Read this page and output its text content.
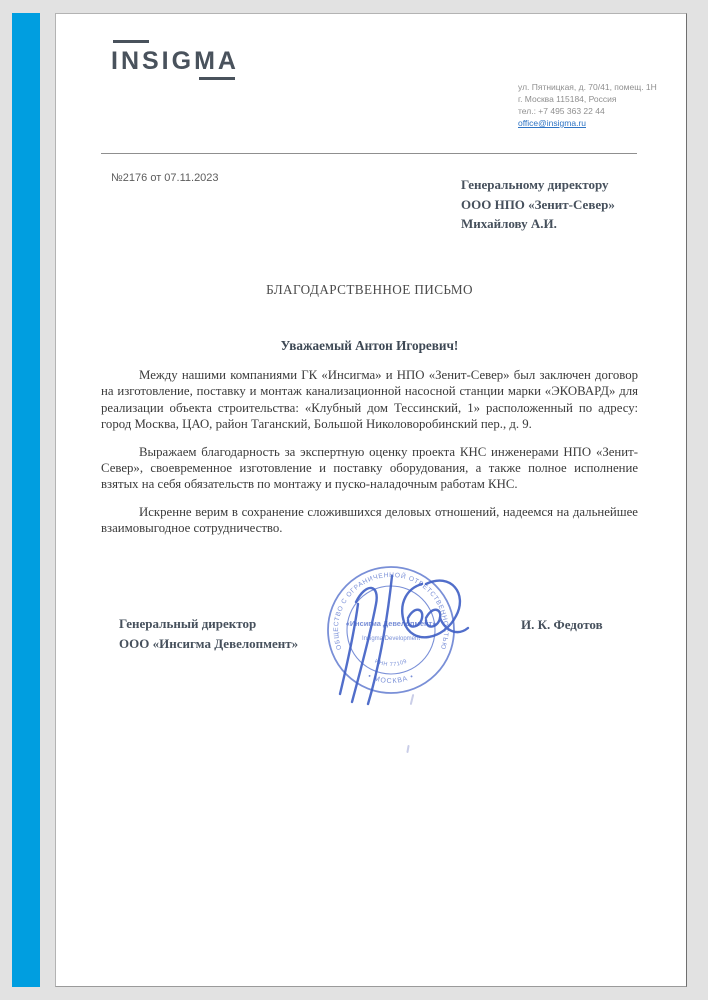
INSIGMA
ул. Пятницкая, д. 70/41, помещ. 1Н
г. Москва 115184, Россия
тел.: +7 495 363 22 44
office@insigma.ru
№2176 от 07.11.2023	Генеральному директору
ООО НПО «Зенит-Север»
Михайлову А.И.
БЛАГОДАРСТВЕННОЕ ПИСЬМО
Уважаемый Антон Игоревич!

Между нашими компаниями ГК «Инсигма» и НПО «Зенит-Север» был заключен договор на изготовление, поставку и монтаж канализационной насосной станции марки «ЭКОВАРД» для реализации объекта строительства: «Клубный дом Тессинский, 1» расположенный по адресу: город Москва, ЦАО, район Таганский, Большой Николоворобинский пер., д. 9.

Выражаем благодарность за экспертную оценку проекта КНС инженерами НПО «Зенит-Север», своевременное изготовление и поставку оборудования, а также полное исполнение взятых на себя обязательств по монтажу и пуско-наладочным работам КНС.

Искренне верим в сохранение сложившихся деловых отношений, надеемся на дальнейшее взаимовыгодное сотрудничество.

Генеральный директор
ООО «Инсигма Девелопмент»
И. К. Федотов
ОБЩЕСТВО С ОГРАНИЧЕННОЙ ОТВЕТСТВЕННОСТЬЮ
• МОСКВА •
ИНН 77109
«Инсигма Девелопмент»
Insigma Development
